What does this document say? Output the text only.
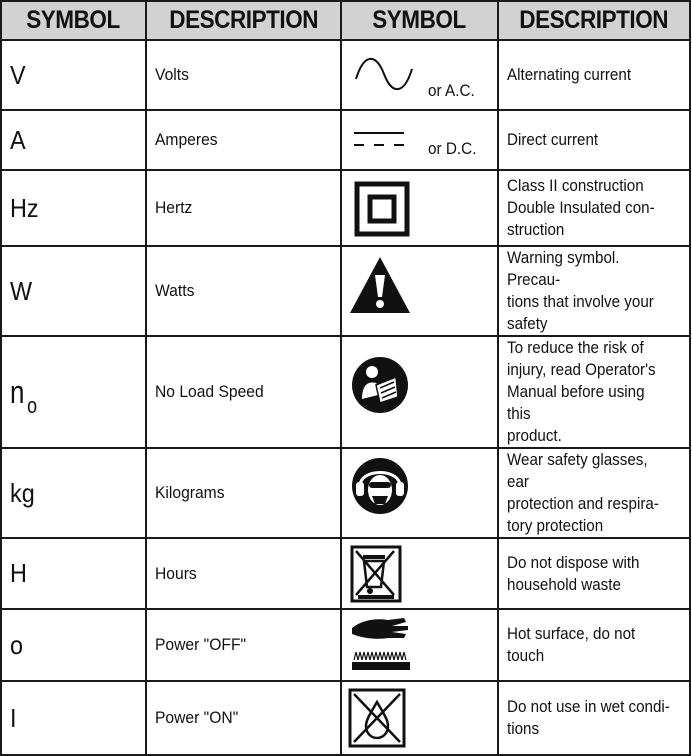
SYMBOL	DESCRIPTION	SYMBOL	DESCRIPTION
V	Volts	or A.C.	Alternating current
A	Amperes	or D.C.	Direct current
Hz	Hertz		Class II construction
Double Insulated con-
struction
W	Watts		Warning symbol. Precau-
tions that involve your
safety
n o	No Load Speed		To reduce the risk of
injury, read Operator's
Manual before using this
product.
kg	Kilograms		Wear safety glasses, ear
protection and respira-
tory protection
H	Hours		Do not dispose with
household waste
o	Power "OFF"		Hot surface, do not touch
I	Power "ON"		Do not use in wet condi-
tions
